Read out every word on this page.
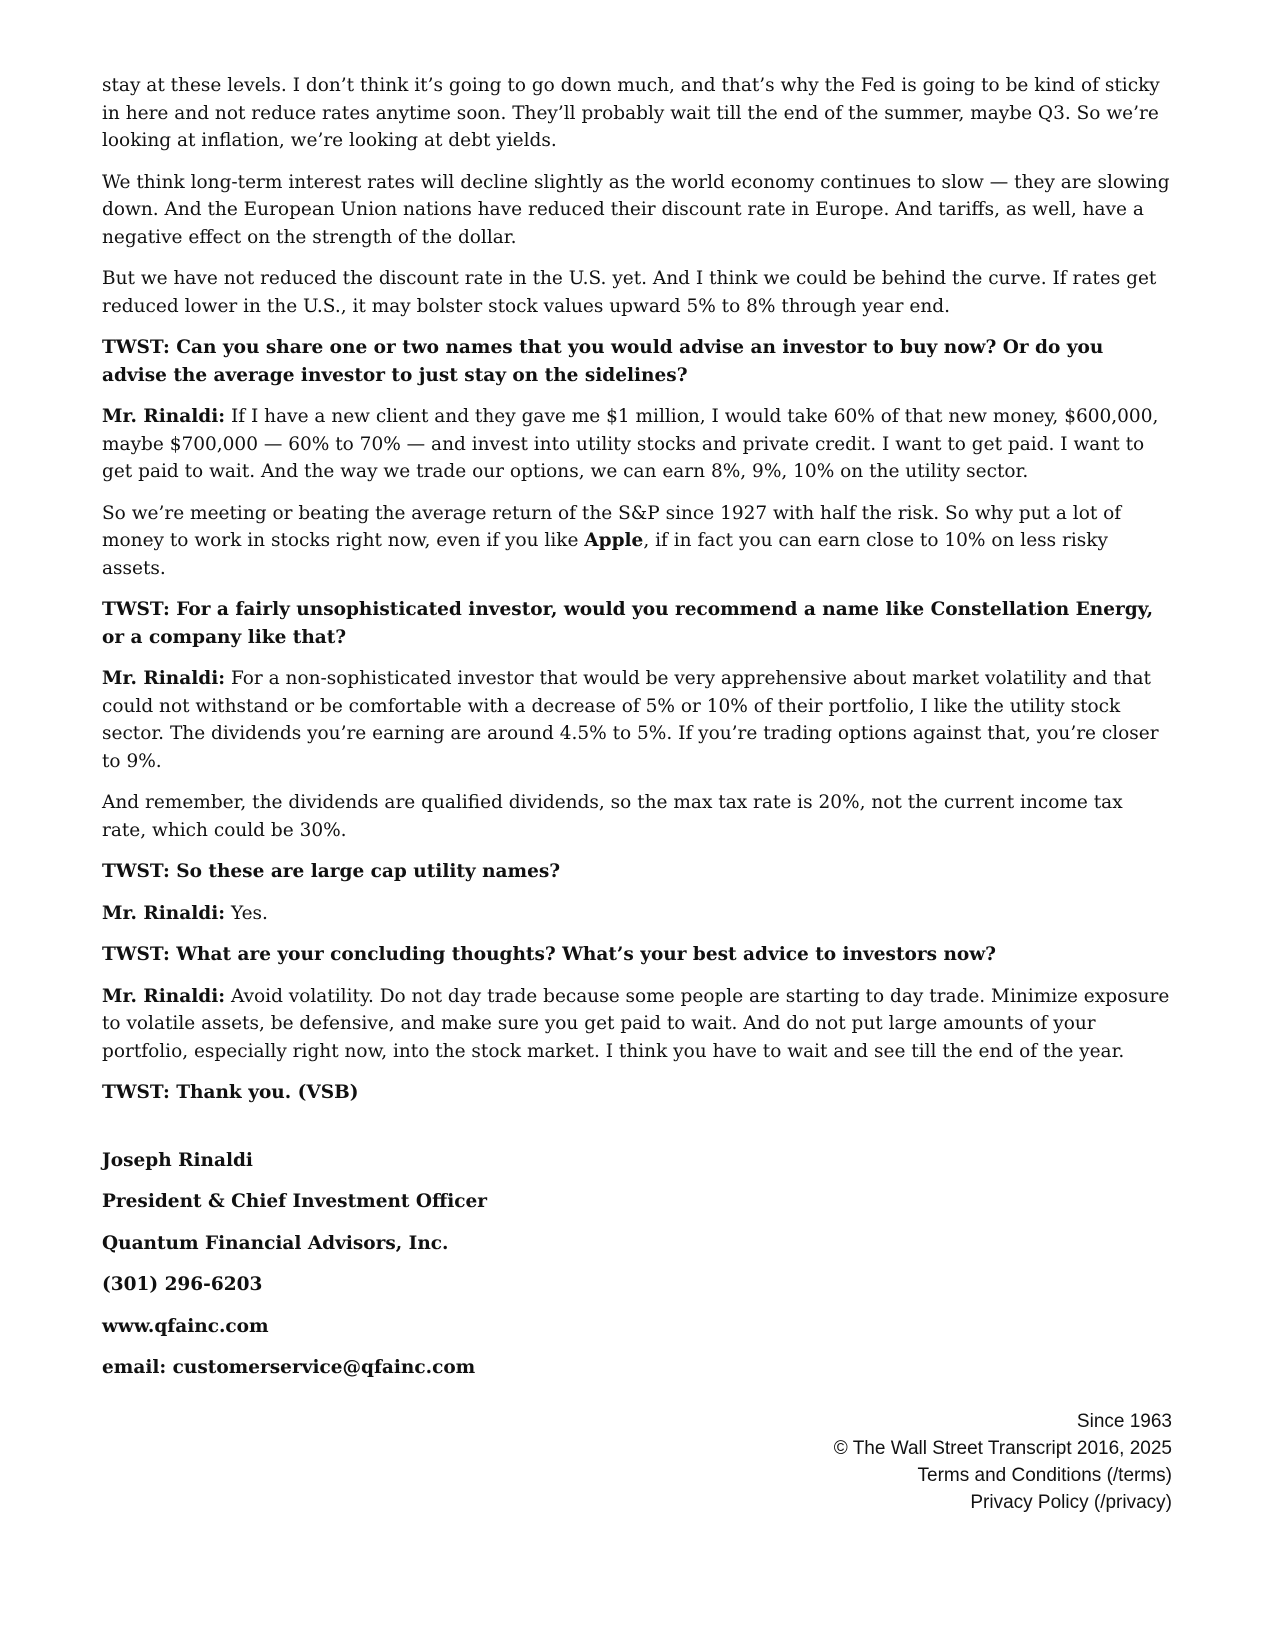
stay at these levels. I don’t think it’s going to go down much, and that’s why the Fed is going to be kind of sticky in here and not reduce rates anytime soon. They’ll probably wait till the end of the summer, maybe Q3. So we’re looking at inflation, we’re looking at debt yields.

We think long-term interest rates will decline slightly as the world economy continues to slow — they are slowing down. And the European Union nations have reduced their discount rate in Europe. And tariffs, as well, have a negative effect on the strength of the dollar.

But we have not reduced the discount rate in the U.S. yet. And I think we could be behind the curve. If rates get reduced lower in the U.S., it may bolster stock values upward 5% to 8% through year end.

TWST: Can you share one or two names that you would advise an investor to buy now? Or do you advise the average investor to just stay on the sidelines?

Mr. Rinaldi: If I have a new client and they gave me $1 million, I would take 60% of that new money, $600,000, maybe $700,000 — 60% to 70% — and invest into utility stocks and private credit. I want to get paid. I want to get paid to wait. And the way we trade our options, we can earn 8%, 9%, 10% on the utility sector.

So we’re meeting or beating the average return of the S&P since 1927 with half the risk. So why put a lot of money to work in stocks right now, even if you like Apple, if in fact you can earn close to 10% on less risky assets.

TWST: For a fairly unsophisticated investor, would you recommend a name like Constellation Energy, or a company like that?

Mr. Rinaldi: For a non-sophisticated investor that would be very apprehensive about market volatility and that could not withstand or be comfortable with a decrease of 5% or 10% of their portfolio, I like the utility stock sector. The dividends you’re earning are around 4.5% to 5%. If you’re trading options against that, you’re closer to 9%.

And remember, the dividends are qualified dividends, so the max tax rate is 20%, not the current income tax rate, which could be 30%.

TWST: So these are large cap utility names?

Mr. Rinaldi: Yes.

TWST: What are your concluding thoughts? What’s your best advice to investors now?

Mr. Rinaldi: Avoid volatility. Do not day trade because some people are starting to day trade. Minimize exposure to volatile assets, be defensive, and make sure you get paid to wait. And do not put large amounts of your portfolio, especially right now, into the stock market. I think you have to wait and see till the end of the year.

TWST: Thank you. (VSB)

Joseph Rinaldi

President & Chief Investment Officer

Quantum Financial Advisors, Inc.

(301) 296-6203

www.qfainc.com

email: customerservice@qfainc.com

Since 1963
© The Wall Street Transcript 2016, 2025
Terms and Conditions (/terms)
Privacy Policy (/privacy)
